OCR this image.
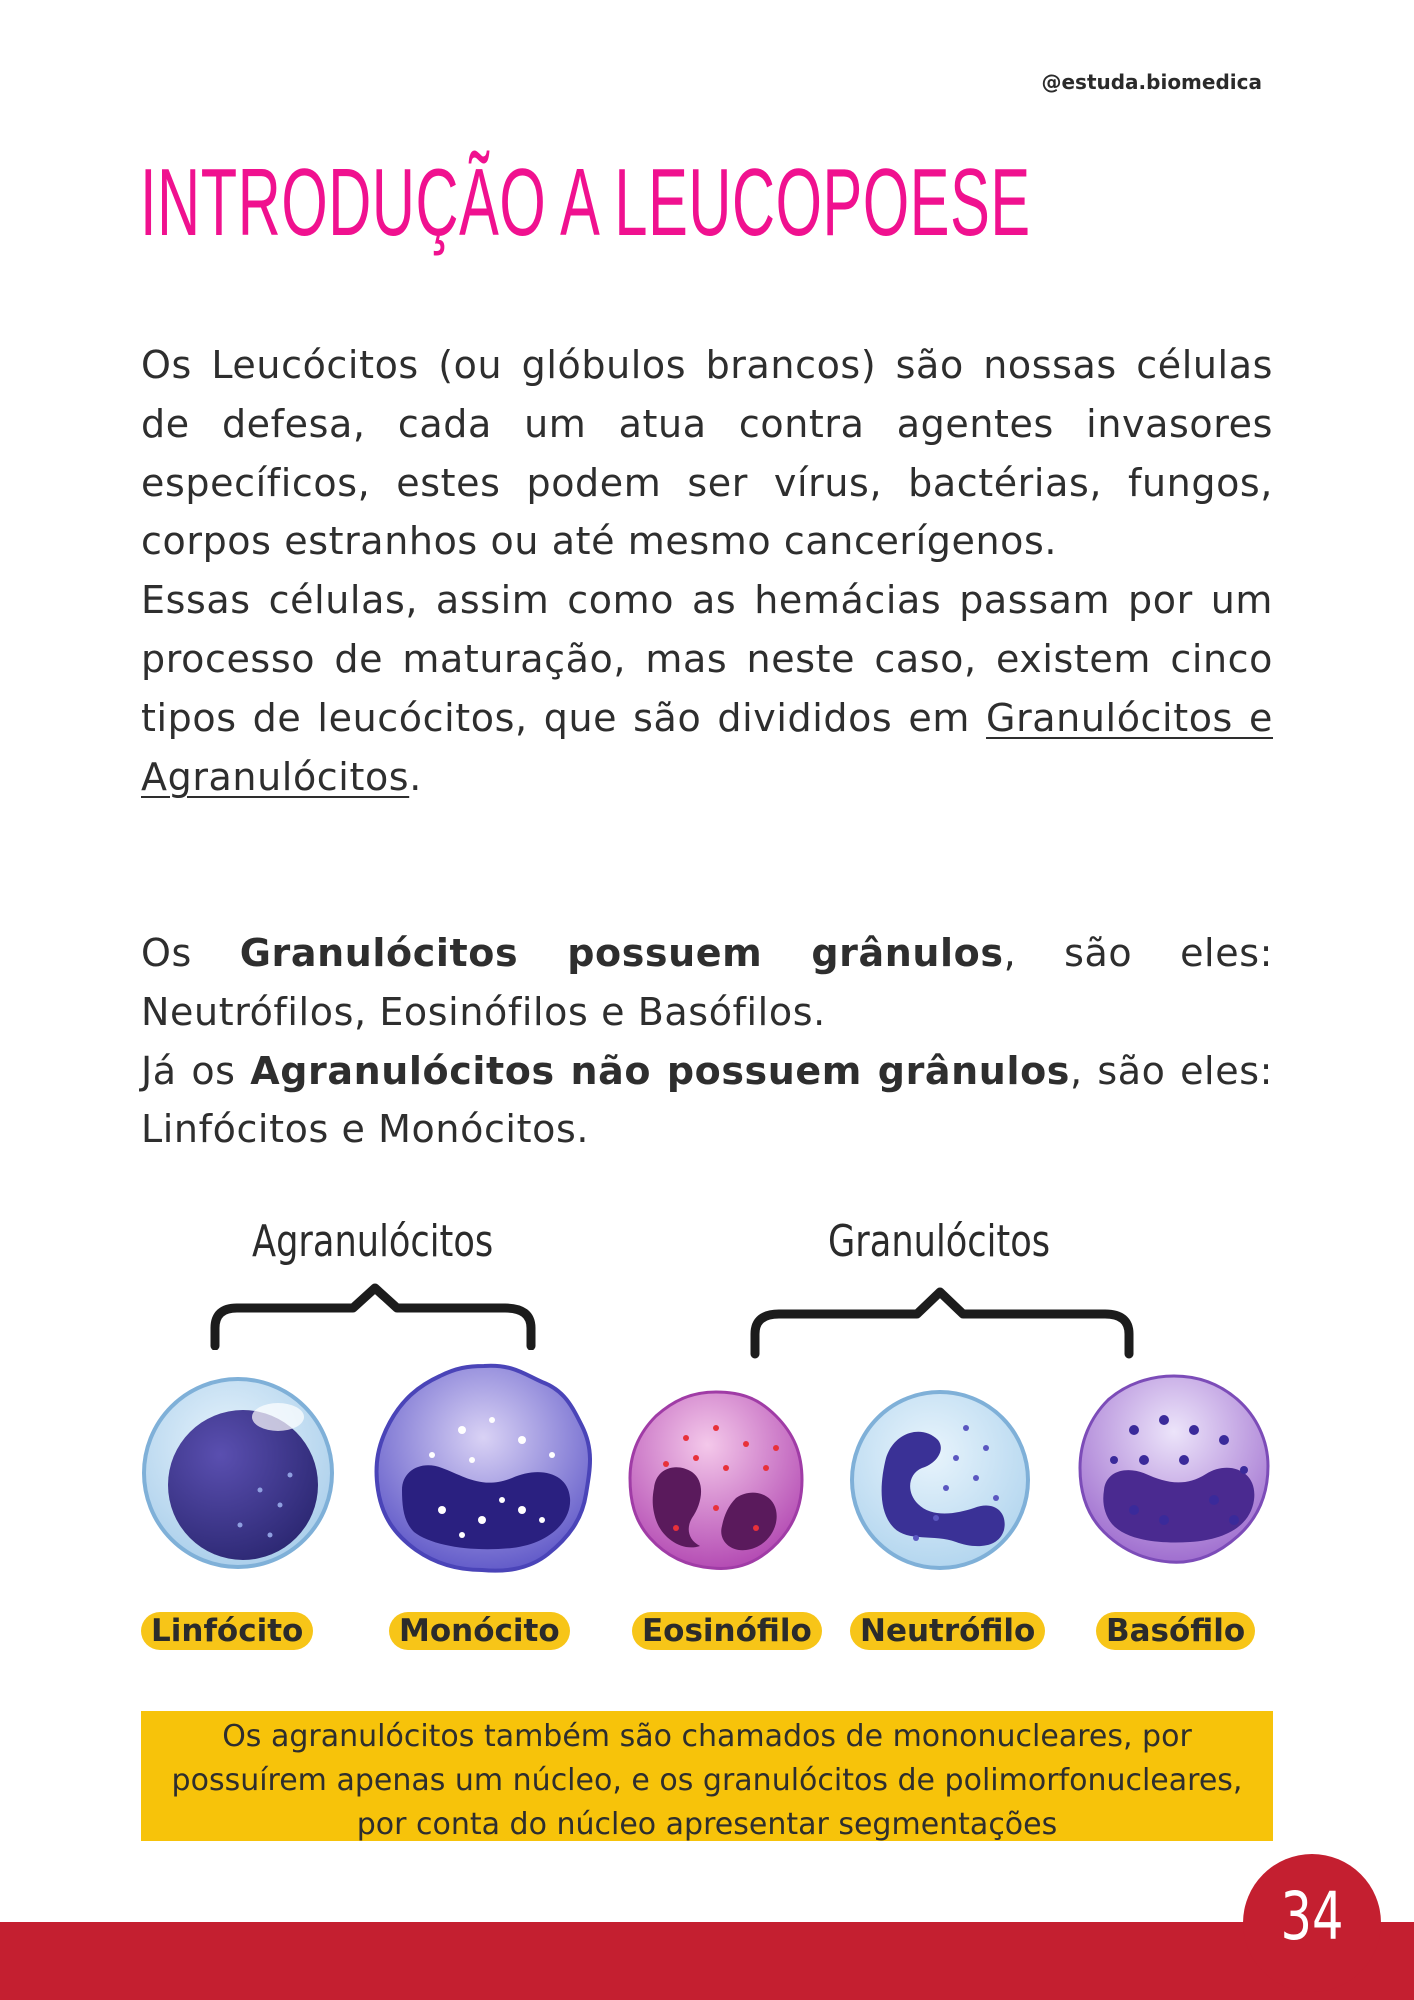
@estuda.biomedica
INTRODUÇÃO A LEUCOPOESE

Os Leucócitos (ou glóbulos brancos) são nossas células de defesa, cada um atua contra agentes invasores específicos, estes podem ser vírus, bactérias, fungos, corpos estranhos ou até mesmo cancerígenos.

Essas células, assim como as hemácias passam por um processo de maturação, mas neste caso, existem cinco tipos de leucócitos, que são divididos em Granulócitos e Agranulócitos.

Os Granulócitos possuem grânulos, são eles: Neutrófilos, Eosinófilos e Basófilos.

Já os Agranulócitos não possuem grânulos, são eles: Linfócitos e Monócitos.

Agranulócitos	Granulócitos
Linfócito	Monócito	Eosinófilo	Neutrófilo	Basófilo
Os agranulócitos também são chamados de mononucleares, por possuírem apenas um núcleo, e os granulócitos de polimorfonucleares, por conta do núcleo apresentar segmentações
34
